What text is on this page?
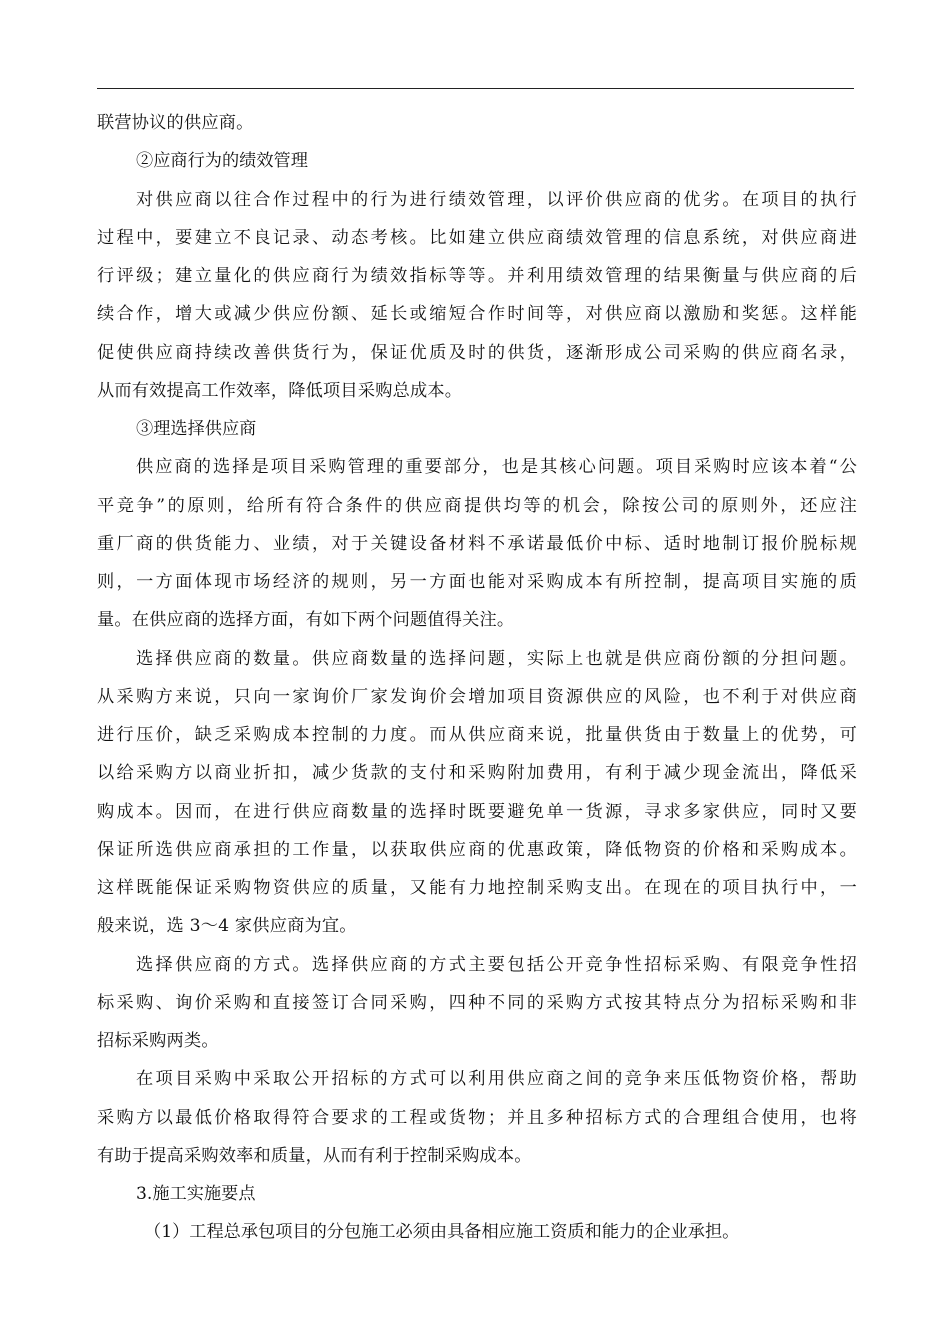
联营协议的供应商。

②应商行为的绩效管理

对供应商以往合作过程中的行为进行绩效管理，以评价供应商的优劣。在项目的执行

过程中，要建立不良记录、动态考核。比如建立供应商绩效管理的信息系统，对供应商进

行评级；建立量化的供应商行为绩效指标等等。并利用绩效管理的结果衡量与供应商的后

续合作，增大或减少供应份额、延长或缩短合作时间等，对供应商以激励和奖惩。这样能

促使供应商持续改善供货行为，保证优质及时的供货，逐渐形成公司采购的供应商名录，

从而有效提高工作效率，降低项目采购总成本。

③理选择供应商

供应商的选择是项目采购管理的重要部分，也是其核心问题。项目采购时应该本着“公

平竞争”的原则，给所有符合条件的供应商提供均等的机会，除按公司的原则外，还应注

重厂商的供货能力、业绩，对于关键设备材料不承诺最低价中标、适时地制订报价脱标规

则，一方面体现市场经济的规则，另一方面也能对采购成本有所控制，提高项目实施的质

量。在供应商的选择方面，有如下两个问题值得关注。

选择供应商的数量。供应商数量的选择问题，实际上也就是供应商份额的分担问题。

从采购方来说，只向一家询价厂家发询价会增加项目资源供应的风险，也不利于对供应商

进行压价，缺乏采购成本控制的力度。而从供应商来说，批量供货由于数量上的优势，可

以给采购方以商业折扣，减少货款的支付和采购附加费用，有利于减少现金流出，降低采

购成本。因而，在进行供应商数量的选择时既要避免单一货源，寻求多家供应，同时又要

保证所选供应商承担的工作量，以获取供应商的优惠政策，降低物资的价格和采购成本。

这样既能保证采购物资供应的质量，又能有力地控制采购支出。在现在的项目执行中，一

般来说，选 3～4 家供应商为宜。

选择供应商的方式。选择供应商的方式主要包括公开竞争性招标采购、有限竞争性招

标采购、询价采购和直接签订合同采购，四种不同的采购方式按其特点分为招标采购和非

招标采购两类。

在项目采购中采取公开招标的方式可以利用供应商之间的竞争来压低物资价格，帮助

采购方以最低价格取得符合要求的工程或货物；并且多种招标方式的合理组合使用，也将

有助于提高采购效率和质量，从而有利于控制采购成本。

3.施工实施要点

（1）工程总承包项目的分包施工必须由具备相应施工资质和能力的企业承担。
